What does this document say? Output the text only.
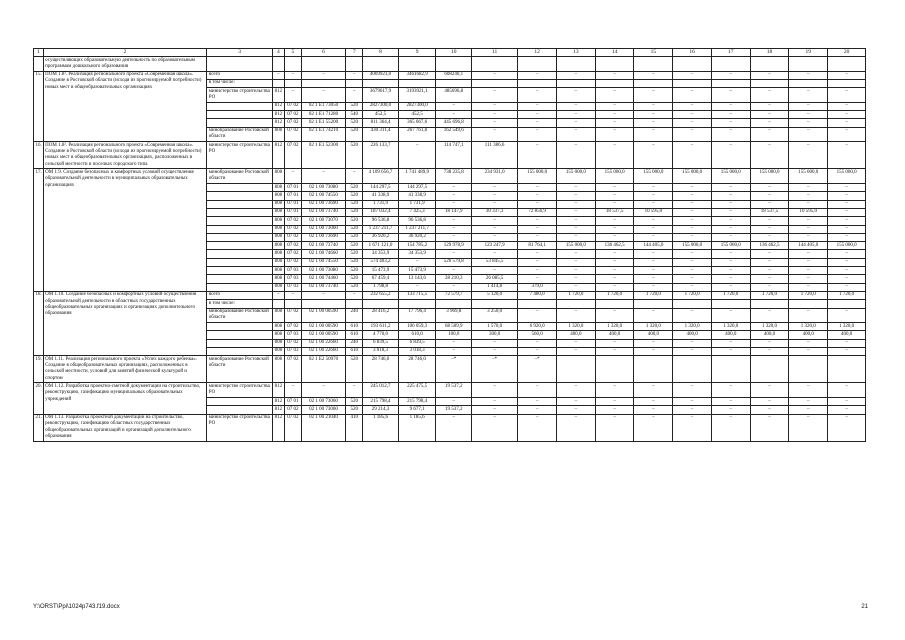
1	2	3	4	5	6	7	8	9	10	11	12	13	14	15	16	17	18	19	20
	осуществляющих образовательную деятельность по образовательным программам дошкольного образования																		
15.	ПОМ 1.8¹. Реализация регионального проекта «Современная школа». Создание в Ростовской области (исходя из прогнозируемой потребности) новых мест в общеобразовательных организациях	всего	–	–	–	–	4069923,0	3461682,9	608240,1	–	–	–	–	–	–	–	–	–	–
		в том числе:																	
		министерство строительства РО	812	–	–	–	3679617,9	3193921,1	485696,8	–	–	–	–	–	–	–	–	–	–
			812	07 02	02 1 E1 73050	520	2827300,0	2827300,0	–	–	–	–	–	–	–	–	–	–	–
			812	07 02	02 1 E1 71280	540	452,5	452,5	–	–	–	–	–	–	–	–	–	–	–
			812	07 02	02 1 E1 55200	520	811 364,4	365 667,6	445 696,8	–	–	–	–	–	–	–	–	–	–
		минобразование Ростовской области	808	07 02	02 1 E1 74210	520	430 311,4	267 761,8	162 549,6	–	–	–	–	–	–	–	–	–	–
16.	ПОМ 1.8². Реализация регионального проекта «Современная школа». Создание в Ростовской области (исходя из прогнозируемой потребности) новых мест в общеобразовательных организациях, расположенных в сельской местности и поселках городского типа	министерство строительства РО	812	07 02	02 1 E1 52300	520	226 133,7	–	114 747,1	111 386,6	–	–	–	–	–	–	–	–	–
17.	ОМ 1.9. Создание безопасных и комфортных условий осуществления образовательной деятельности в муниципальных образовательных организациях	минобразование Ростовской области	808	–	–	–	4 109 656,7	1 741 489,9	738 235,8	234 931,0	155 000,0	155 000,0	155 000,0	155 000,0	155 000,0	155 000,0	155 000,0	155 000,0	155 000,0
			808	07 01	02 1 00 73080	520	144 297,5	144 297,5	–	–	–	–	–	–	–	–	–	–	–
			808	07 01	02 1 00 74550	520	41 338,9	41 338,9	–	–	–	–	–	–	–	–	–	–	–
			808	07 01	02 1 00 73690	520	1 731,9	1 731,9	–	–	–	–	–	–	–	–	–	–	–
			808	07 01	02 1 00 73740	520	187 032,4	7 425,3	18 147,9	30 337,3	72 856,9	–	18 537,5	10 595,0	–	–	18 537,5	10 595,0	–
			808	07 02	02 1 00 73070	520	96 536,8	96 536,8	–	–	–	–	–	–	–	–	–	–	–
			808	07 02	02 1 00 73060	520	1 237 211,7	1 237 211,7	–	–	–	–	–	–	–	–	–	–	–
			808	07 02	02 1 00 73690	520	36 920,2	36 920,2	–	–	–	–	–	–	–	–	–	–	–
			808	07 02	02 1 00 73740	520	1 671 121,0	154 785,2	129 978,9	123 247,9	81 764,1	155 000,0	136 462,5	144 405,0	155 000,0	155 000,0	136 462,5	144 405,0	155 000,0
			808	07 02	02 1 00 74660	520	34 353,9	34 353,9	–	–	–	–	–	–	–	–	–	–	–
			808	07 02	02 1 00 74550	520	574 403,2	–	520 579,8	53 845,5	–	–	–	–	–	–	–	–	–
			808	07 03	02 1 00 73080	520	15 473,9	15 473,9	–	–	–	–	–	–	–	–	–	–	–
			808	07 03	02 1 00 74460	520	67 459,4	13 143,6	28 210,3	26 085,5	–	–	–	–	–	–	–	–	–
			808	07 03	02 1 00 73740	520	1 798,8	–	–	1 414,8	379,0	–	–	–	–	–	–	–	–
18.	ОМ 1.10. Создание безопасных и комфортных условий осуществления образовательной деятельности в областных государственных общеобразовательных организациях и организациях дополнительного образования	всего	–	–	–	–	232 655,2	133 715,5	72 579,7	5 120,0	7 480,0	1 720,0	1 720,0	1 720,0	1 720,0	1 720,0	1 720,0	1 720,0	1 720,0
		в том числе:																	
		минобразование Ростовской области	808	07 02	02 1 00 00590	240	28 416,2	17 796,4	3 969,8	3 250,0	–	–	–	–	–	–	–	–	–
			808	07 02	02 1 00 00590	610	193 611,2	106 059,3	68 509,9	1 570,0	6 920,0	1 320,0	1 320,0	1 320,0	1 320,0	1 320,0	1 320,0	1 320,0	1 320,0
			808	07 03	02 1 00 00590	610	4 770,0	610,0	100,0	300,0	560,0	400,0	400,0	400,0	400,0	400,0	400,0	400,0	400,0
			808	07 02	02 1 00 22660	240	6 839,5	6 839,5	–	–	–	–	–	–	–	–	–	–	–
			808	07 03	02 1 00 22660	610	3 018,3	3 018,3	–	–	–	–	–	–	–	–	–	–	–
19.	ОМ 1.11. Реализация регионального проекта «Успех каждого ребенка». Создание в общеобразовательных организациях, расположенных в сельской местности, условий для занятий физической культурой и спортом	минобразование Ростовской области	808	07 02	02 1 E2 50970	520	28 746,0	28 746,0	–*	–*	–*								
20.	ОМ 1.12. Разработка проектно-сметной документации на строительство, реконструкцию, газификацию муниципальных образовательных учреждений	министерство строительства РО	812	–	–	–	245 012,7	225 475,5	19 537,2	–	–	–	–	–	–	–	–	–	–
			812	07 01	02 1 00 73060	520	215 798,4	215 798,4	–	–	–	–	–	–	–	–	–	–	–
			812	07 02	02 1 00 73060	520	29 214,3	9 677,1	19 537,2	–	–	–	–	–	–	–	–	–	–
21.	ОМ 1.13. Разработка проектной документации на строительство, реконструкцию, газификацию областных государственных общеобразовательных организаций и организаций дополнительного образования	министерство строительства РО	812	07 02	02 1 00 21040	410	1 185,6	1 185,6	–	–	–	–	–	–	–	–	–	–	–
Y:\ORST\Ppi\1024p743.f19.docx	21
